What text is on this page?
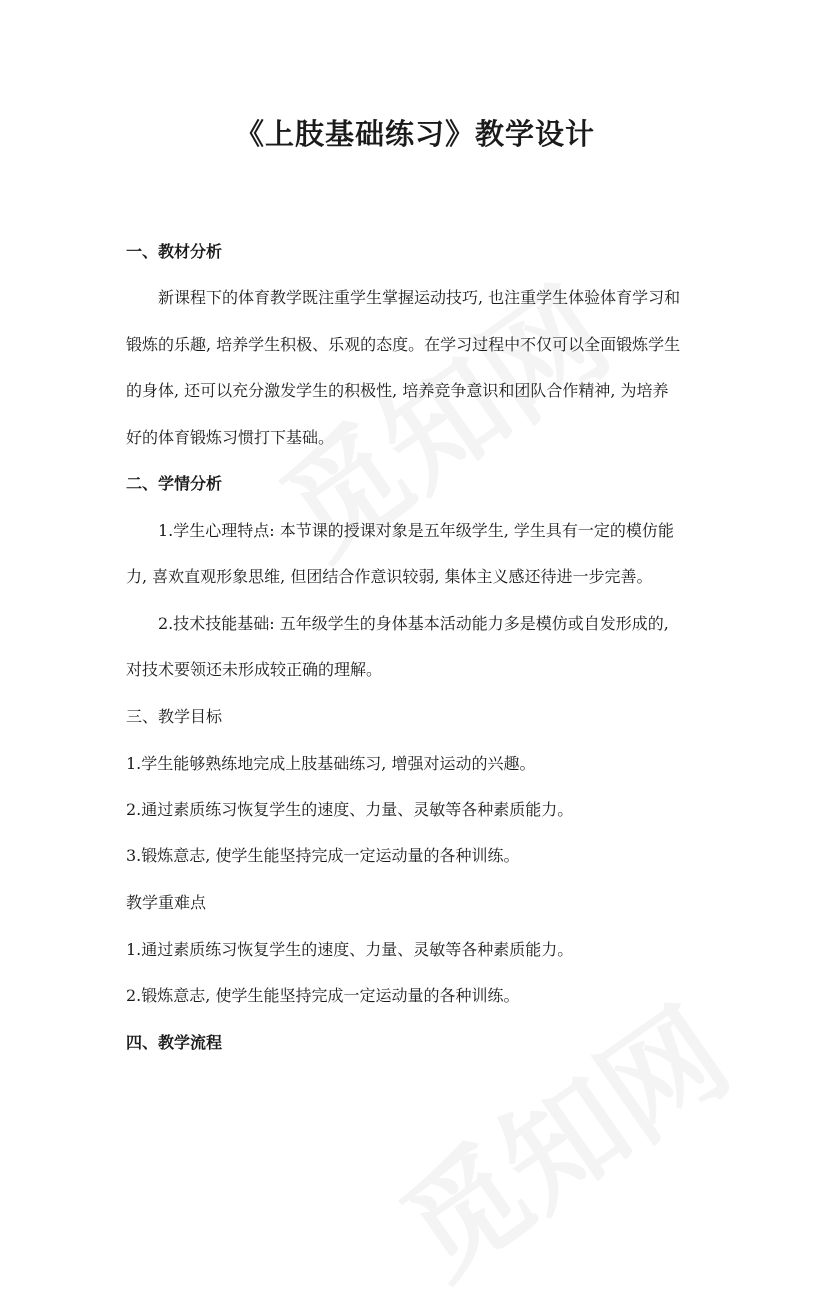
《上肢基础练习》教学设计
一、教材分析
新课程下的体育教学既注重学生掌握运动技巧, 也注重学生体验体育学习和
锻炼的乐趣, 培养学生积极、乐观的态度。在学习过程中不仅可以全面锻炼学生
的身体, 还可以充分激发学生的积极性, 培养竞争意识和团队合作精神, 为培养
好的体育锻炼习惯打下基础。
二、学情分析
1.学生心理特点: 本节课的授课对象是五年级学生, 学生具有一定的模仿能
力, 喜欢直观形象思维, 但团结合作意识较弱, 集体主义感还待进一步完善。
2.技术技能基础: 五年级学生的身体基本活动能力多是模仿或自发形成的,
对技术要领还未形成较正确的理解。
三、教学目标
1.学生能够熟练地完成上肢基础练习, 增强对运动的兴趣。
2.通过素质练习恢复学生的速度、力量、灵敏等各种素质能力。
3.锻炼意志, 使学生能坚持完成一定运动量的各种训练。
教学重难点
1.通过素质练习恢复学生的速度、力量、灵敏等各种素质能力。
2.锻炼意志, 使学生能坚持完成一定运动量的各种训练。
四、教学流程
